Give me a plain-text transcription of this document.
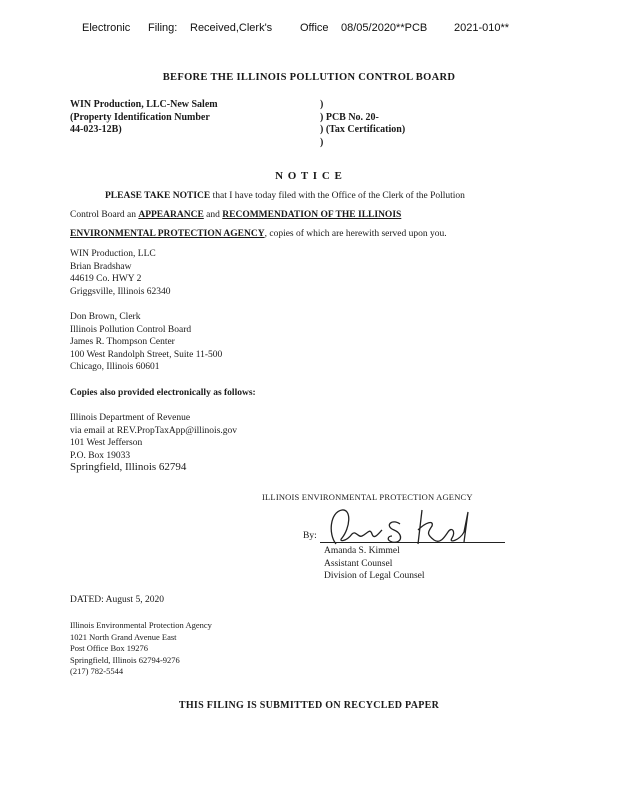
Electronic Filing: Received,Clerk's	Office 08/05/2020**PCB 2021-010**
BEFORE THE ILLINOIS POLLUTION CONTROL BOARD
WIN Production, LLC-New Salem
(Property Identification Number
44-023-12B)
)
) PCB No. 20-
) (Tax Certification)
)
N O T I C E
PLEASE TAKE NOTICE that I have today filed with the Office of the Clerk of the Pollution
Control Board an APPEARANCE and RECOMMENDATION OF THE ILLINOIS
ENVIRONMENTAL PROTECTION AGENCY, copies of which are herewith served upon you.
WIN Production, LLC
Brian Bradshaw
44619 Co. HWY 2
Griggsville, Illinois 62340
Don Brown, Clerk
Illinois Pollution Control Board
James R. Thompson Center
100 West Randolph Street, Suite 11-500
Chicago, Illinois 60601
Copies also provided electronically as follows:
Illinois Department of Revenue
via email at REV.PropTaxApp@illinois.gov
101 West Jefferson
P.O. Box 19033
Springfield, Illinois 62794
ILLINOIS ENVIRONMENTAL PROTECTION AGENCY
By:
Amanda S. Kimmel
Assistant Counsel
Division of Legal Counsel
DATED: August 5, 2020
Illinois Environmental Protection Agency
1021 North Grand Avenue East
Post Office Box 19276
Springfield, Illinois 62794-9276
(217) 782-5544
THIS FILING IS SUBMITTED ON RECYCLED PAPER
